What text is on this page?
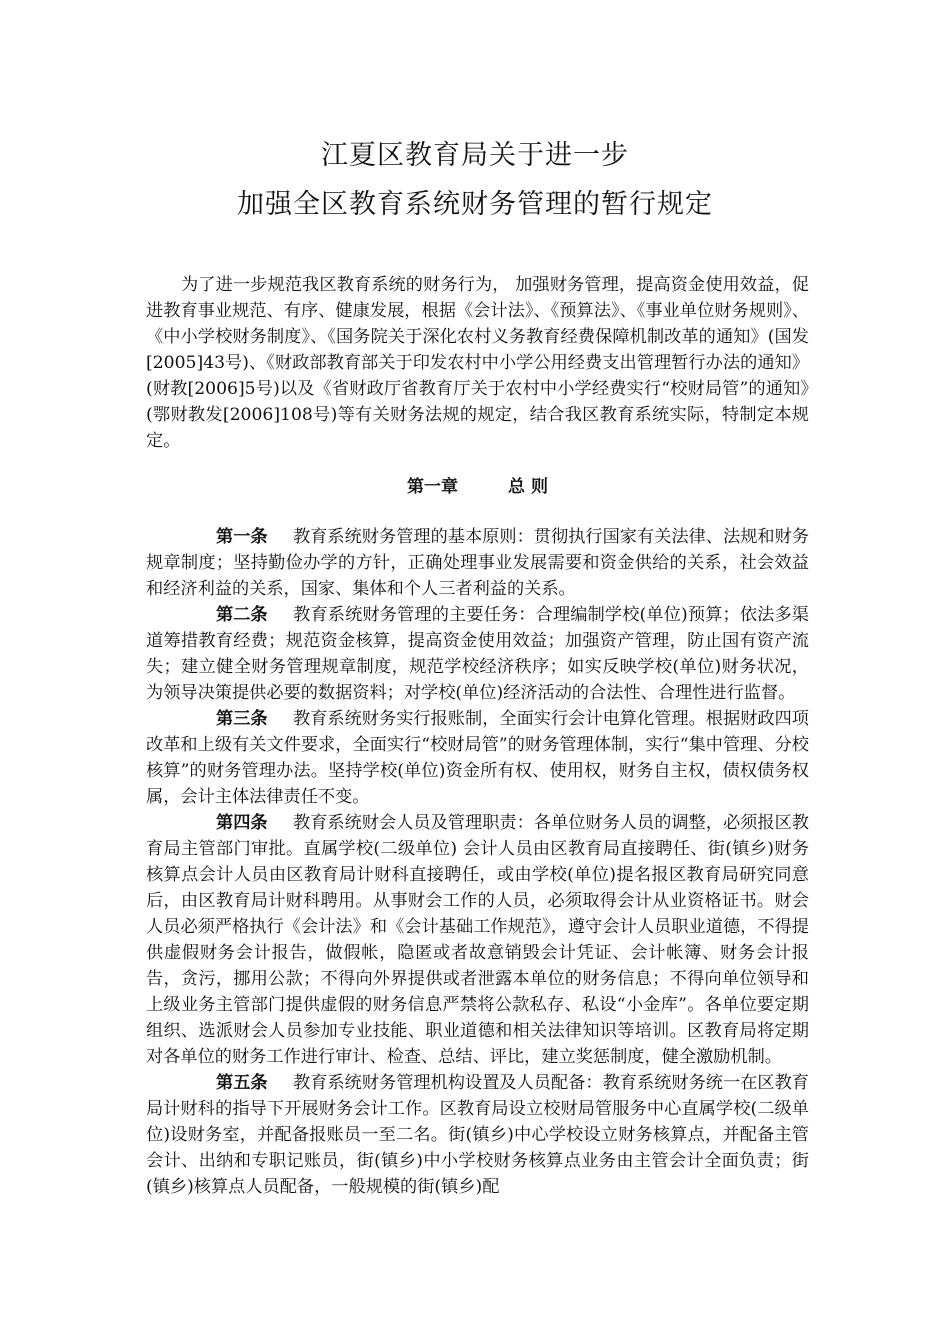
江夏区教育局关于进一步
加强全区教育系统财务管理的暂行规定

为了进一步规范我区教育系统的财务行为， 加强财务管理，提高资金使用效益，促进教育事业规范、有序、健康发展，根据《会计法》、《预算法》、《事业单位财务规则》、《中小学校财务制度》、《国务院关于深化农村义务教育经费保障机制改革的通知》(国发[2005]43号)、《财政部教育部关于印发农村中小学公用经费支出管理暂行办法的通知》(财教[2006]5号)以及《省财政厅省教育厅关于农村中小学经费实行“校财局管”的通知》(鄂财教发[2006]108号)等有关财务法规的规定，结合我区教育系统实际，特制定本规定。

第一章	总 则

第一条 教育系统财务管理的基本原则：贯彻执行国家有关法律、法规和财务规章制度；坚持勤俭办学的方针，正确处理事业发展需要和资金供给的关系，社会效益和经济利益的关系，国家、集体和个人三者利益的关系。

第二条 教育系统财务管理的主要任务：合理编制学校(单位)预算；依法多渠道筹措教育经费；规范资金核算，提高资金使用效益；加强资产管理，防止国有资产流失；建立健全财务管理规章制度，规范学校经济秩序；如实反映学校(单位)财务状况，为领导决策提供必要的数据资料；对学校(单位)经济活动的合法性、合理性进行监督。

第三条 教育系统财务实行报账制，全面实行会计电算化管理。根据财政四项改革和上级有关文件要求，全面实行“校财局管”的财务管理体制，实行“集中管理、分校核算”的财务管理办法。坚持学校(单位)资金所有权、使用权，财务自主权，债权债务权属，会计主体法律责任不变。

第四条 教育系统财会人员及管理职责：各单位财务人员的调整，必须报区教育局主管部门审批。直属学校(二级单位) 会计人员由区教育局直接聘任、街(镇乡)财务核算点会计人员由区教育局计财科直接聘任，或由学校(单位)提名报区教育局研究同意后，由区教育局计财科聘用。从事财会工作的人员，必须取得会计从业资格证书。财会人员必须严格执行《会计法》和《会计基础工作规范》，遵守会计人员职业道德，不得提供虚假财务会计报告，做假帐，隐匿或者故意销毁会计凭证、会计帐簿、财务会计报告，贪污，挪用公款；不得向外界提供或者泄露本单位的财务信息；不得向单位领导和上级业务主管部门提供虚假的财务信息严禁将公款私存、私设“小金库”。各单位要定期组织、选派财会人员参加专业技能、职业道德和相关法律知识等培训。区教育局将定期对各单位的财务工作进行审计、检查、总结、评比，建立奖惩制度，健全激励机制。

第五条 教育系统财务管理机构设置及人员配备：教育系统财务统一在区教育局计财科的指导下开展财务会计工作。区教育局设立校财局管服务中心直属学校(二级单位)设财务室，并配备报账员一至二名。街(镇乡)中心学校设立财务核算点，并配备主管会计、出纳和专职记账员，街(镇乡)中小学校财务核算点业务由主管会计全面负责；街(镇乡)核算点人员配备，一般规模的街(镇乡)配
